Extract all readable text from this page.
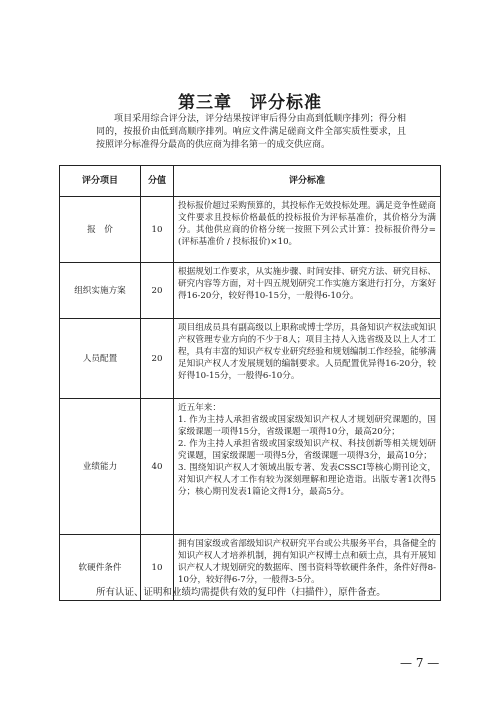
第三章　评分标准

项目采用综合评分法，评分结果按评审后得分由高到低顺序排列；得分相同的，按报价由低到高顺序排列。响应文件满足磋商文件全部实质性要求，且按照评分标准得分最高的供应商为排名第一的成交供应商。

评分项目	分值	评分标准
报　价	10	投标报价超过采购预算的，其投标作无效投标处理。满足竞争性磋商文件要求且投标价格最低的投标报价为评标基准价，其价格分为满分。其他供应商的价格分统一按照下列公式计算：投标报价得分=(评标基准价 / 投标报价)×10。

组织实施方案	20	根据规划工作要求，从实施步骤、时间安排、研究方法、研究目标、研究内容等方面，对十四五规划研究工作实施方案进行打分，方案好得16-20分，较好得10-15分，一般得6-10分。

人员配置	20	项目组成员具有副高级以上职称或博士学历，具备知识产权法或知识产权管理专业方向的不少于8人；项目主持人入选省级及以上人才工程，具有丰富的知识产权专业研究经验和规划编制工作经验，能够满足知识产权人才发展规划的编制要求。人员配置优异得16-20分，较好得10-15分，一般得6-10分。

业绩能力	40	近五年来：
1. 作为主持人承担省级或国家级知识产权人才规划研究课题的，国家级课题一项得15分，省级课题一项得10分，最高20分；
2. 作为主持人承担省级或国家级知识产权、科技创新等相关规划研究课题，国家级课题一项得5分，省级课题一项得3分，最高10分；
3. 围绕知识产权人才领域出版专著、发表CSSCI等核心期刊论文，对知识产权人才工作有较为深刻理解和理论造诣。出版专著1次得5分；核心期刊发表1篇论文得1分，最高5分。

软硬件条件	10	拥有国家级或省部级知识产权研究平台或公共服务平台，具备健全的知识产权人才培养机制，拥有知识产权博士点和硕士点，具有开展知识产权人才规划研究的数据库、图书资料等软硬件条件，条件好得8-10分，较好得6-7分，一般得3-5分。
所有认证、证明和业绩均需提供有效的复印件（扫描件），原件备查。
— 7 —
